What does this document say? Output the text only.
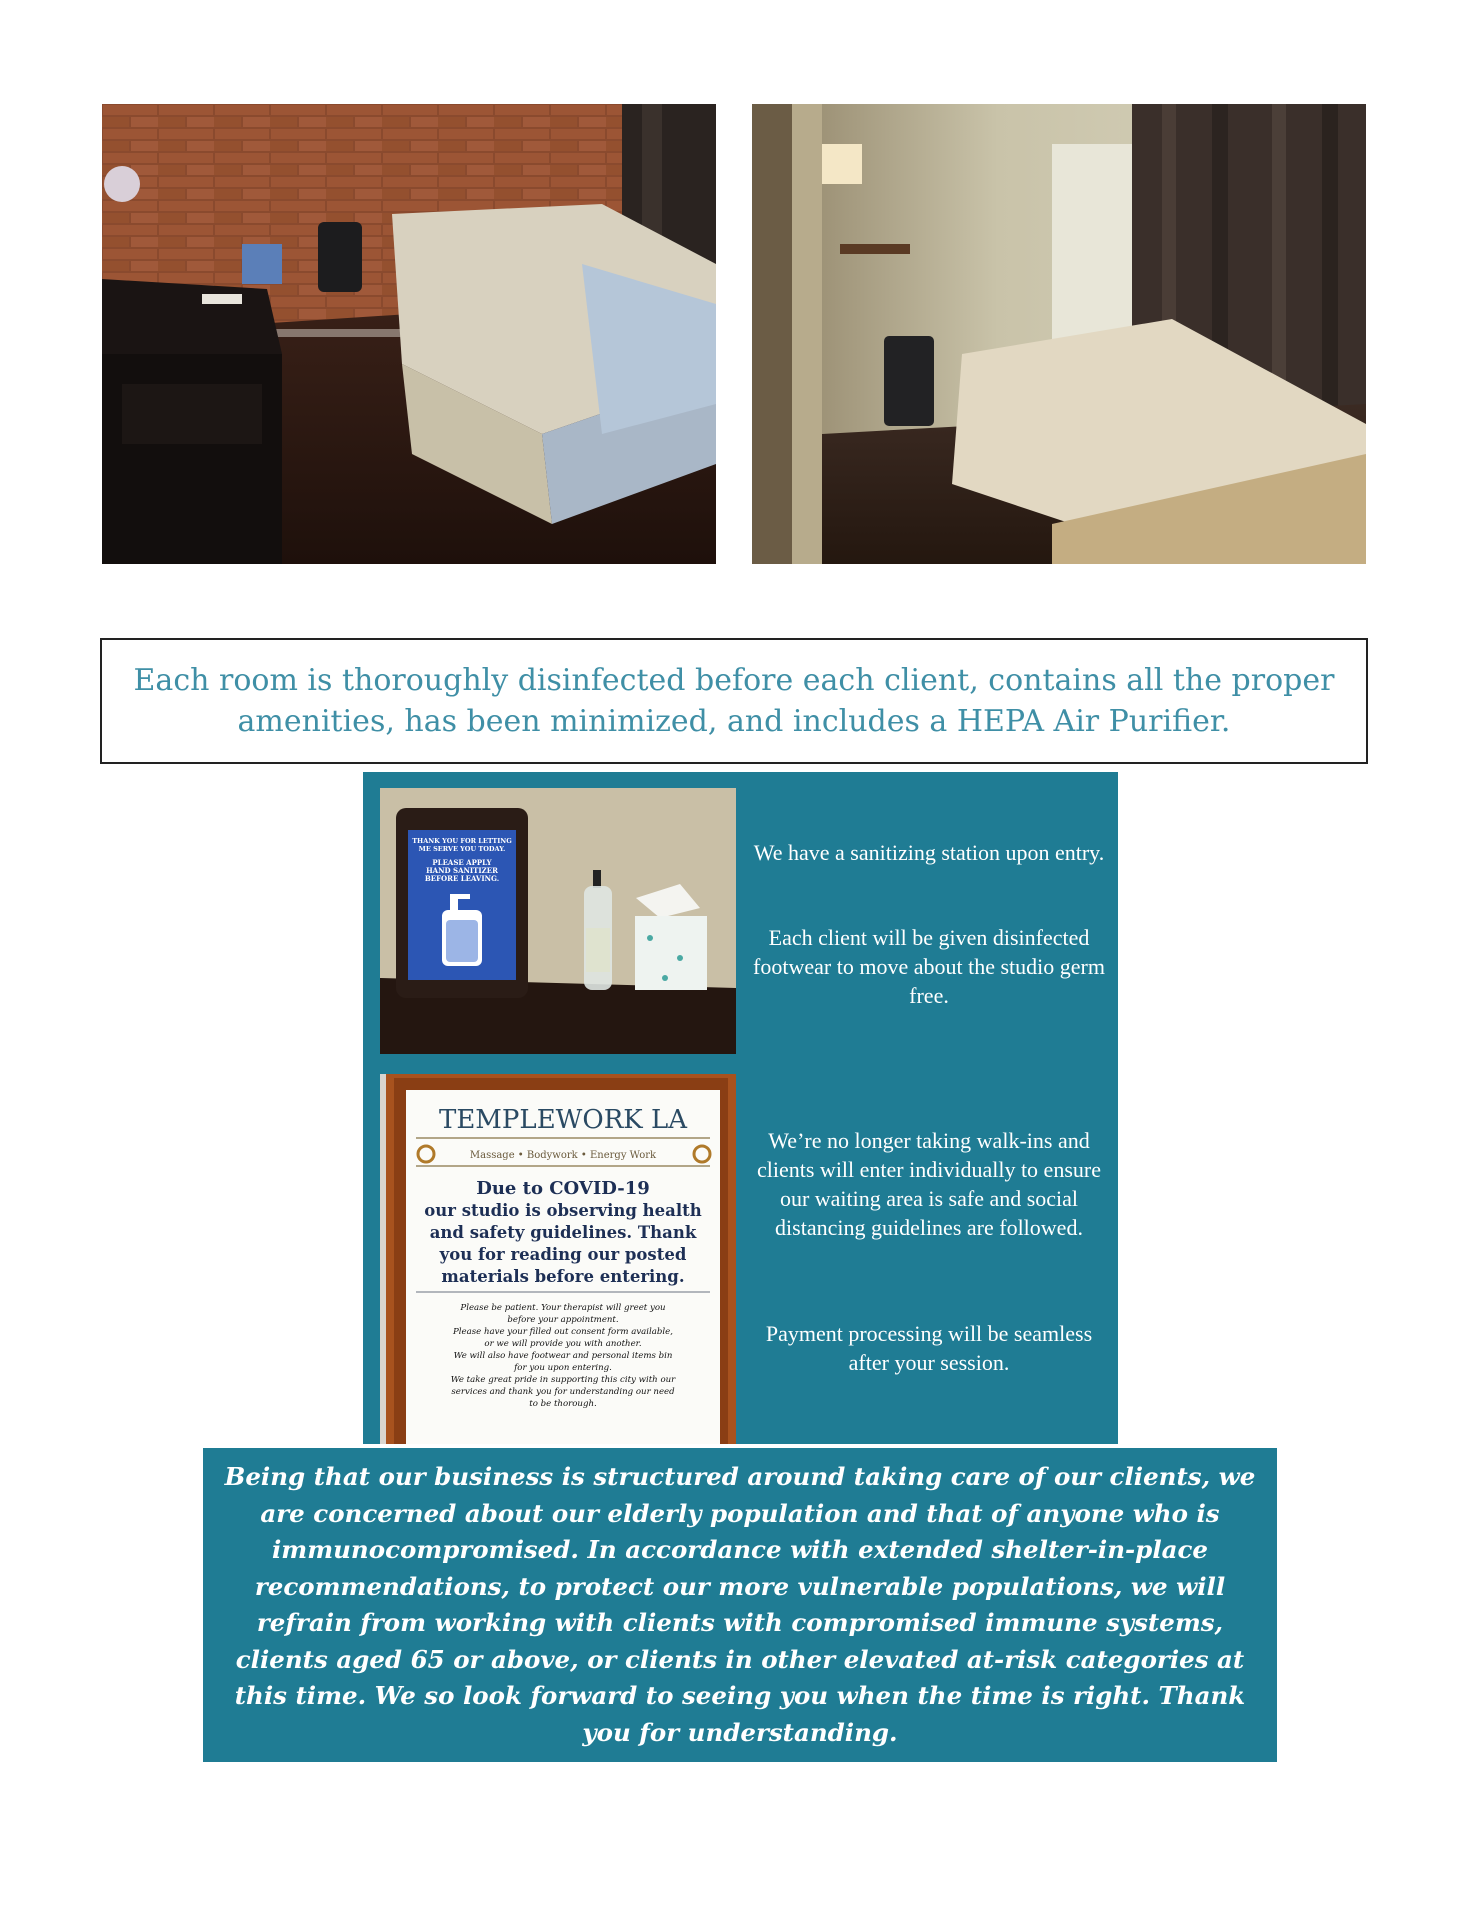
Each room is thoroughly disinfected before each client, contains all the proper amenities, has been minimized, and includes a HEPA Air Purifier.

THANK YOU FOR LETTING
ME SERVE YOU TODAY.
PLEASE APPLY
HAND SANITIZER
BEFORE LEAVING.
TEMPLEWORK LA
Massage • Bodywork • Energy Work
Due to COVID-19
our studio is observing health
and safety guidelines. Thank
you for reading our posted
materials before entering.
Please be patient. Your therapist will greet you
before your appointment.
Please have your filled out consent form available,
or we will provide you with another.
We will also have footwear and personal items bin
for you upon entering.
We take great pride in supporting this city with our
services and thank you for understanding our need
to be thorough.

We have a sanitizing station upon entry.

Each client will be given disinfected footwear to move about the studio germ free.

We’re no longer taking walk-ins and clients will enter individually to ensure our waiting area is safe and social distancing guidelines are followed.

Payment processing will be seamless after your session.

Being that our business is structured around taking care of our clients, we are concerned about our elderly population and that of anyone who is immunocompromised. In accordance with extended shelter-in-place recommendations, to protect our more vulnerable populations, we will refrain from working with clients with compromised immune systems, clients aged 65 or above, or clients in other elevated at-risk categories at this time. We so look forward to seeing you when the time is right. Thank you for understanding.
